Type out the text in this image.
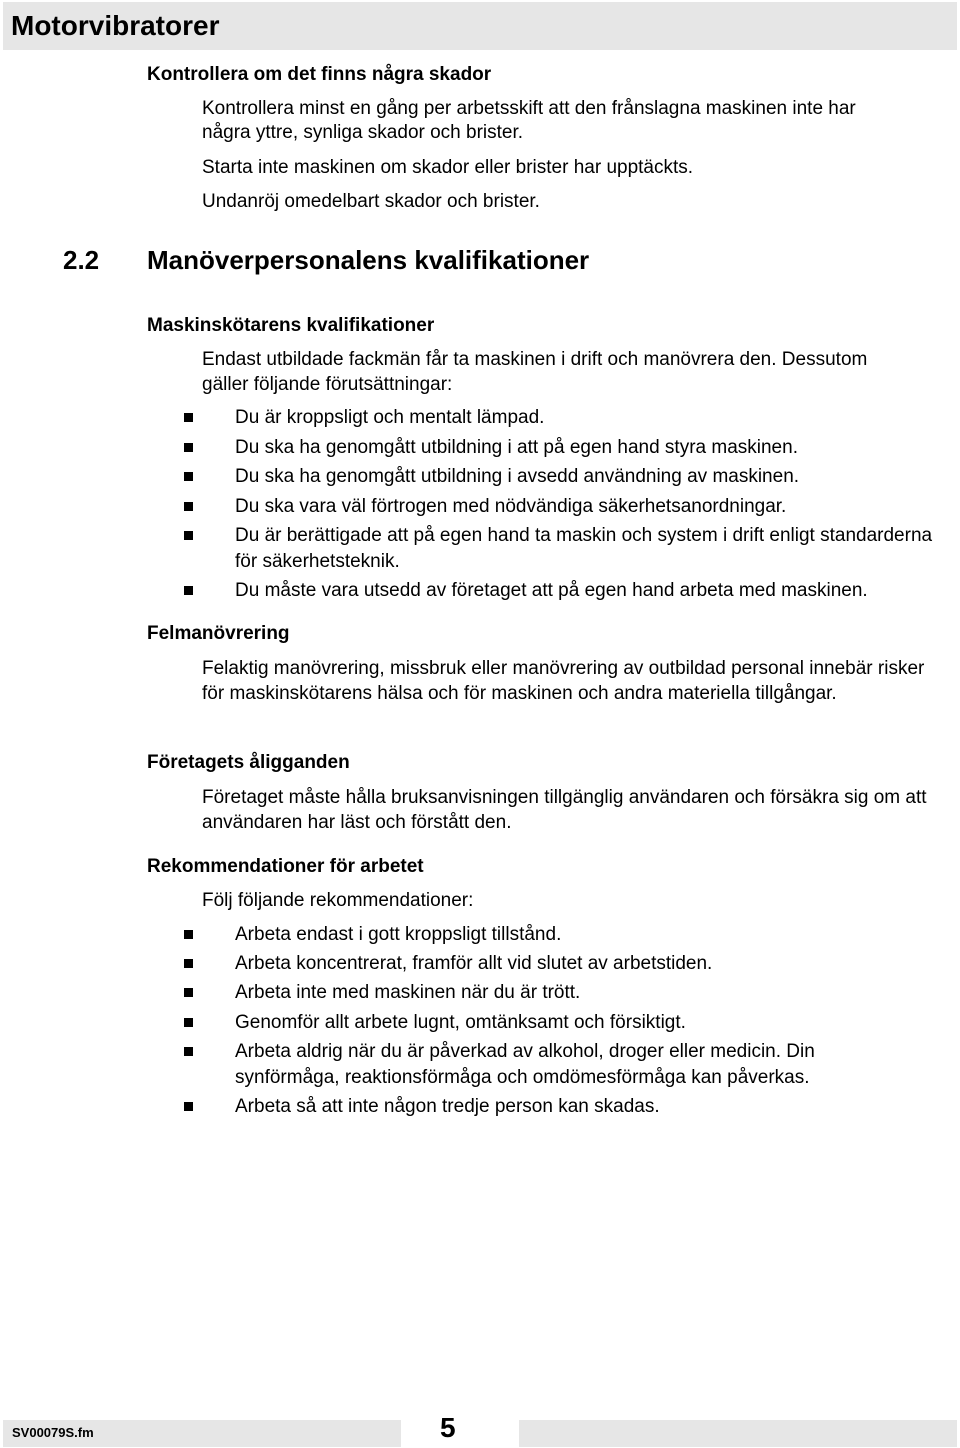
Motorvibratorer
Kontrollera om det finns några skador
Kontrollera minst en gång per arbetsskift att den frånslagna maskinen inte har
några yttre, synliga skador och brister.
Starta inte maskinen om skador eller brister har upptäckts.
Undanröj omedelbart skador och brister.
2.2 Manöverpersonalens kvalifikationer
Maskinskötarens kvalifikationer
Endast utbildade fackmän får ta maskinen i drift och manövrera den. Dessutom
gäller följande förutsättningar:
Du är kroppsligt och mentalt lämpad.
Du ska ha genomgått utbildning i att på egen hand styra maskinen.
Du ska ha genomgått utbildning i avsedd användning av maskinen.
Du ska vara väl förtrogen med nödvändiga säkerhetsanordningar.
Du är berättigade att på egen hand ta maskin och system i drift enligt standarderna för säkerhetsteknik.
Du måste vara utsedd av företaget att på egen hand arbeta med maskinen.
Felmanövrering
Felaktig manövrering, missbruk eller manövrering av outbildad personal innebär risker för maskinskötarens hälsa och för maskinen och andra materiella tillgångar.
Företagets åligganden
Företaget måste hålla bruksanvisningen tillgänglig användaren och försäkra sig om att användaren har läst och förstått den.
Rekommendationer för arbetet
Följ följande rekommendationer:
Arbeta endast i gott kroppsligt tillstånd.
Arbeta koncentrerat, framför allt vid slutet av arbetstiden.
Arbeta inte med maskinen när du är trött.
Genomför allt arbete lugnt, omtänksamt och försiktigt.
Arbeta aldrig när du är påverkad av alkohol, droger eller medicin. Din synförmåga, reaktionsförmåga och omdömesförmåga kan påverkas.
Arbeta så att inte någon tredje person kan skadas.
SV00079S.fm	5
